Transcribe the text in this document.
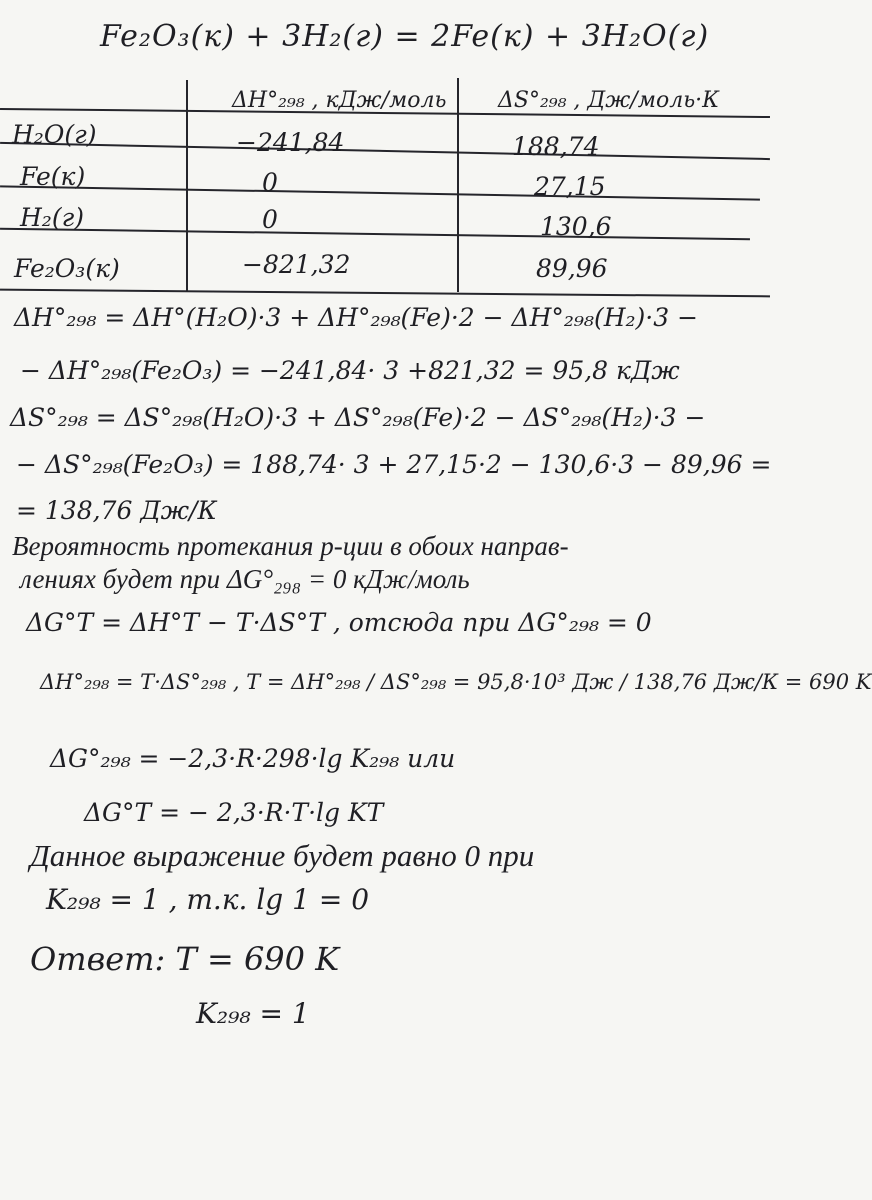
Fe₂O₃(к) + 3H₂(г) = 2Fe(к) + 3H₂O(г)
ΔH°₂₉₈ , кДж/моль ΔS°₂₉₈ , Дж/моль·К
H₂O(г)	−241,84	188,74
Fe(к)	0	27,15
H₂(г)	0	130,6
Fe₂O₃(к)	−821,32	89,96
ΔH°₂₉₈ = ΔH°(H₂O)·3 + ΔH°₂₉₈(Fe)·2 − ΔH°₂₉₈(H₂)·3 −
− ΔH°₂₉₈(Fe₂O₃) = −241,84· 3 +821,32 = 95,8 кДж
ΔS°₂₉₈ = ΔS°₂₉₈(H₂O)·3 + ΔS°₂₉₈(Fe)·2 − ΔS°₂₉₈(H₂)·3 −
− ΔS°₂₉₈(Fe₂O₃) = 188,74· 3 + 27,15·2 − 130,6·3 − 89,96 =
= 138,76 Дж/К
Вероятность протекания р-ции в обоих направ-
лениях будет при ΔG°₂₉₈ = 0 кДж/моль
ΔG°T = ΔH°T − T·ΔS°T , отсюда при ΔG°₂₉₈ = 0
ΔH°₂₉₈ = T·ΔS°₂₉₈ , T = ΔH°₂₉₈ / ΔS°₂₉₈ = 95,8·10³ Дж / 138,76 Дж/К = 690 K
ΔG°₂₉₈ = −2,3·R·298·lg K₂₉₈ или
ΔG°T = − 2,3·R·T·lg KT
Данное выражение будет равно 0 при
K₂₉₈ = 1 , т.к. lg 1 = 0
Ответ: T = 690 K
K₂₉₈ = 1
